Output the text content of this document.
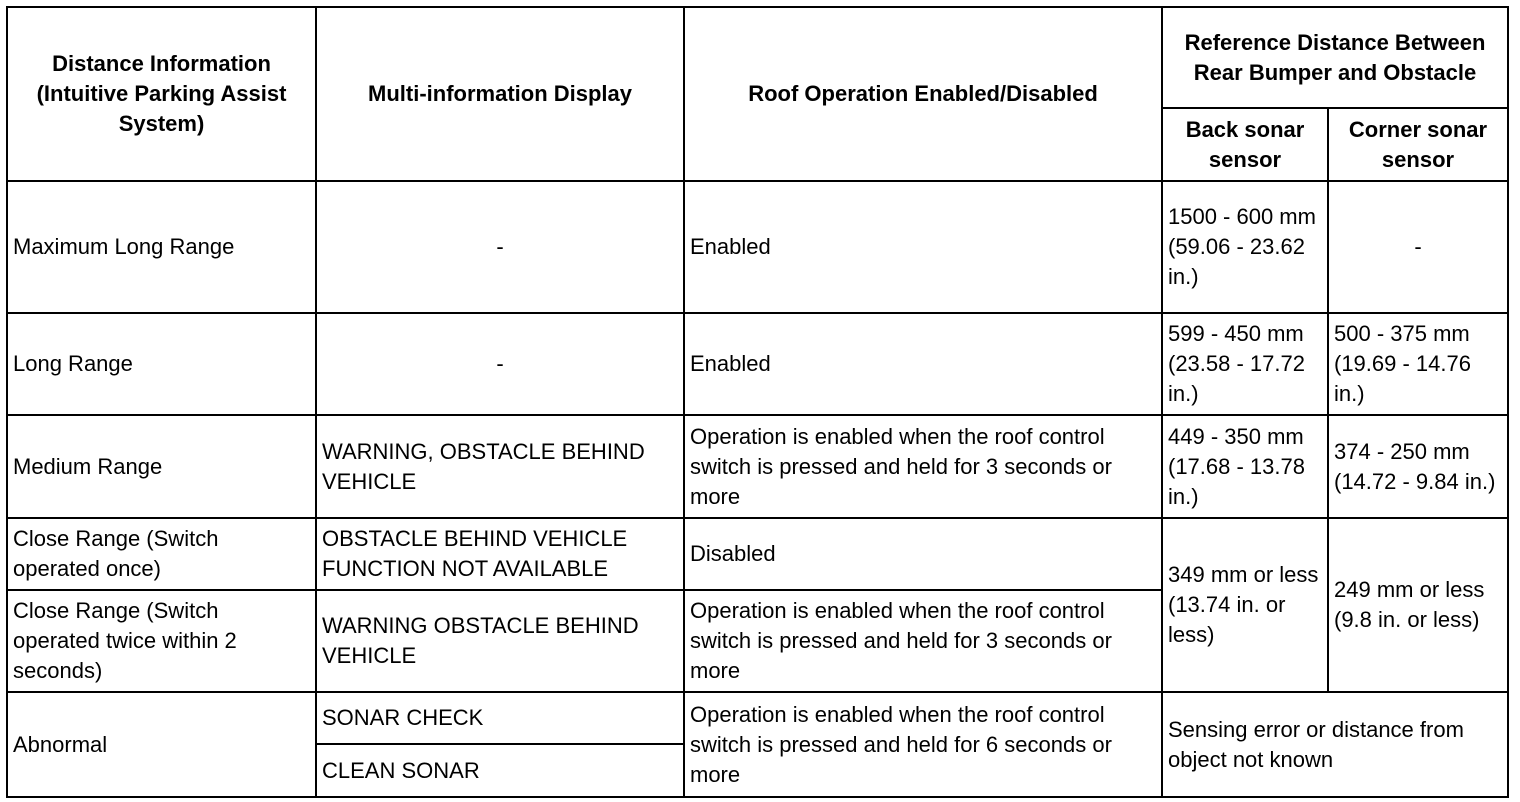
Distance Information (Intuitive Parking Assist System)	Multi-information Display	Roof Operation Enabled/Disabled	Reference Distance Between Rear Bumper and Obstacle	
			Back sonar sensor	Corner sonar sensor
Maximum Long Range	-	Enabled	1500 - 600 mm (59.06 - 23.62 in.)	-
Long Range	-	Enabled	599 - 450 mm (23.58 - 17.72 in.)	500 - 375 mm (19.69 - 14.76 in.)
Medium Range	WARNING, OBSTACLE BEHIND VEHICLE	Operation is enabled when the roof control switch is pressed and held for 3 seconds or more	449 - 350 mm (17.68 - 13.78 in.)	374 - 250 mm (14.72 - 9.84 in.)
Close Range (Switch operated once)	OBSTACLE BEHIND VEHICLE FUNCTION NOT AVAILABLE	Disabled	349 mm or less (13.74 in. or less)	249 mm or less (9.8 in. or less)
Close Range (Switch operated twice within 2 seconds)	WARNING OBSTACLE BEHIND VEHICLE	Operation is enabled when the roof control switch is pressed and held for 3 seconds or more		
Abnormal	SONAR CHECK	Operation is enabled when the roof control switch is pressed and held for 6 seconds or more	Sensing error or distance from object not known	
	CLEAN SONAR			
